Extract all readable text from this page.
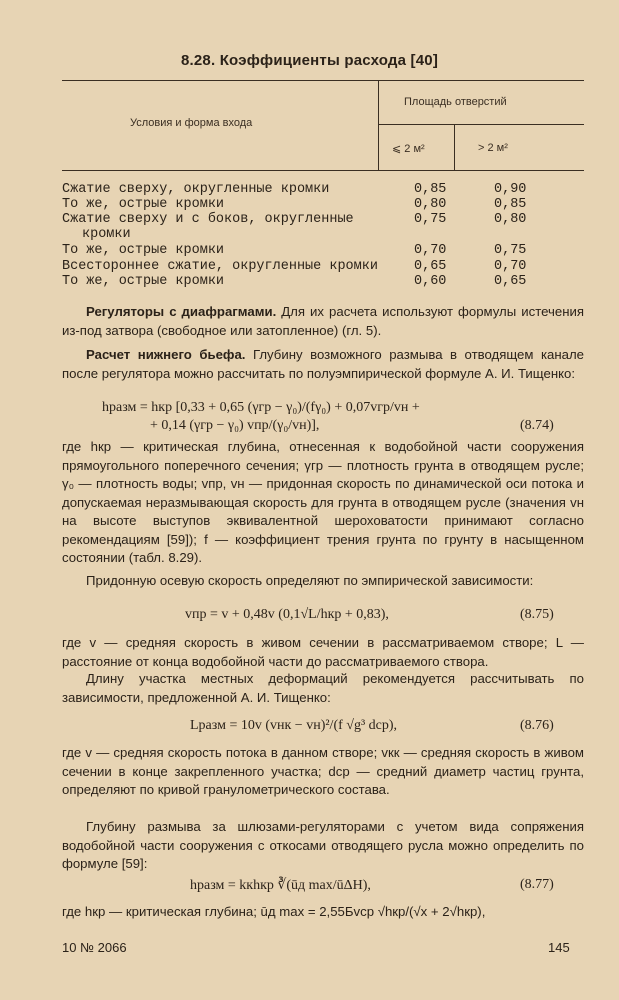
8.28. Коэффициенты расхода [40]
Условия и форма входа
Площадь отверстий
⩽ 2 м²	> 2 м²
Сжатие сверху, округленные кромки	0,85	0,90
То же, острые кромки	0,80	0,85
Сжатие сверху и с боков, округленные	0,75	0,80
кромки
То же, острые кромки	0,70	0,75
Всестороннее сжатие, округленные кромки	0,65	0,70
То же, острые кромки	0,60	0,65
Регуляторы с диафрагмами. Для их расчета используют формулы истечения из-под затвора (свободное или затопленное) (гл. 5).
Расчет нижнего бьефа. Глубину возможного размыва в отводящем канале после регулятора можно рассчитать по полуэмпирической формуле А. И. Тищенко:
hразм = hкр [0,33 + 0,65 (γгр − γ₀)/(fγ₀) + 0,07vгр/vн +
+ 0,14 (γгр − γ₀) vпр/(γ₀/vн)],	(8.74)
где hкр — критическая глубина, отнесенная к водобойной части сооружения прямоугольного поперечного сечения; γгр — плотность грунта в отводящем русле; γ₀ — плотность воды; vпр, vн — придонная скорость по динамической оси потока и допускаемая неразмывающая скорость для грунта в отводящем русле (значения vн на высоте выступов эквивалентной шероховатости принимают согласно рекомендациям [59]); f — коэффициент трения грунта по грунту в насыщенном состоянии (табл. 8.29).
Придонную осевую скорость определяют по эмпирической зависимости:
vпр = v + 0,48v (0,1√L/hкр + 0,83),	(8.75)
где v — средняя скорость в живом сечении в рассматриваемом створе; L — расстояние от конца водобойной части до рассматриваемого створа.
Длину участка местных деформаций рекомендуется рассчитывать по зависимости, предложенной А. И. Тищенко:
Lразм = 10v (vнк − vн)²/(f √g³ dср),	(8.76)
где v — средняя скорость потока в данном створе; vкк — средняя скорость в живом сечении в конце закрепленного участка; dср — средний диаметр частиц грунта, определяют по кривой гранулометрического состава.
Глубину размыва за шлюзами-регуляторами с учетом вида сопряжения водобойной части сооружения с откосами отводящего русла можно определить по формуле [59]:
hразм = kкhкр ∛(ūд max/ūΔH),	(8.77)
где hкр — критическая глубина; ūд max = 2,55Бvср √hкр/(√x + 2√hкр),
10 № 2066	145
